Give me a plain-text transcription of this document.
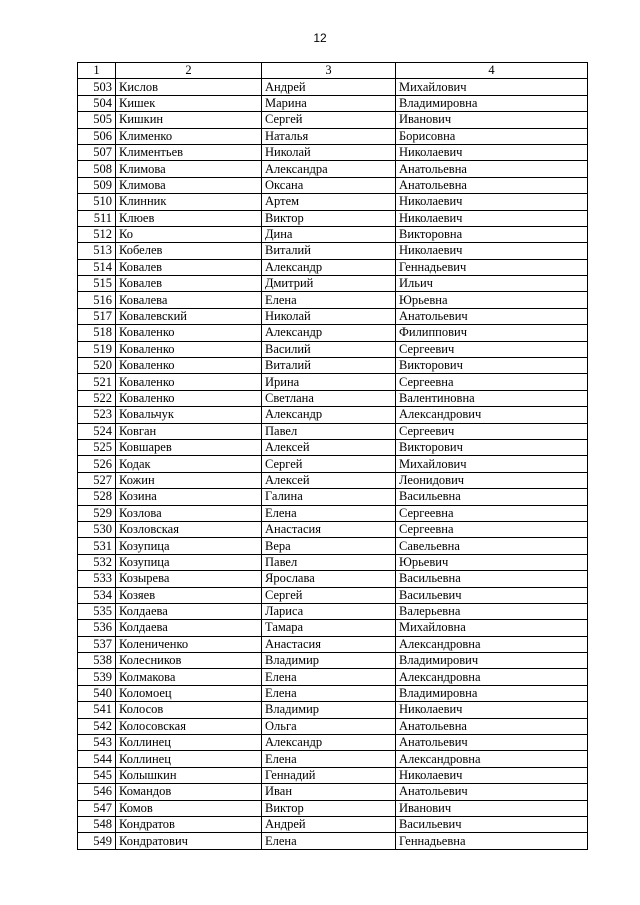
12
1	2	3	4
503	Кислов	Андрей	Михайлович
504	Кишек	Марина	Владимировна
505	Кишкин	Сергей	Иванович
506	Клименко	Наталья	Борисовна
507	Климентьев	Николай	Николаевич
508	Климова	Александра	Анатольевна
509	Климова	Оксана	Анатольевна
510	Клинник	Артем	Николаевич
511	Клюев	Виктор	Николаевич
512	Ко	Дина	Викторовна
513	Кобелев	Виталий	Николаевич
514	Ковалев	Александр	Геннадьевич
515	Ковалев	Дмитрий	Ильич
516	Ковалева	Елена	Юрьевна
517	Ковалевский	Николай	Анатольевич
518	Коваленко	Александр	Филиппович
519	Коваленко	Василий	Сергеевич
520	Коваленко	Виталий	Викторович
521	Коваленко	Ирина	Сергеевна
522	Коваленко	Светлана	Валентиновна
523	Ковальчук	Александр	Александрович
524	Ковган	Павел	Сергеевич
525	Ковшарев	Алексей	Викторович
526	Кодак	Сергей	Михайлович
527	Кожин	Алексей	Леонидович
528	Козина	Галина	Васильевна
529	Козлова	Елена	Сергеевна
530	Козловская	Анастасия	Сергеевна
531	Козупица	Вера	Савельевна
532	Козупица	Павел	Юрьевич
533	Козырева	Ярослава	Васильевна
534	Козяев	Сергей	Васильевич
535	Колдаева	Лариса	Валерьевна
536	Колдаева	Тамара	Михайловна
537	Колениченко	Анастасия	Александровна
538	Колесников	Владимир	Владимирович
539	Колмакова	Елена	Александровна
540	Коломоец	Елена	Владимировна
541	Колосов	Владимир	Николаевич
542	Колосовская	Ольга	Анатольевна
543	Коллинец	Александр	Анатольевич
544	Коллинец	Елена	Александровна
545	Колышкин	Геннадий	Николаевич
546	Командов	Иван	Анатольевич
547	Комов	Виктор	Иванович
548	Кондратов	Андрей	Васильевич
549	Кондратович	Елена	Геннадьевна
